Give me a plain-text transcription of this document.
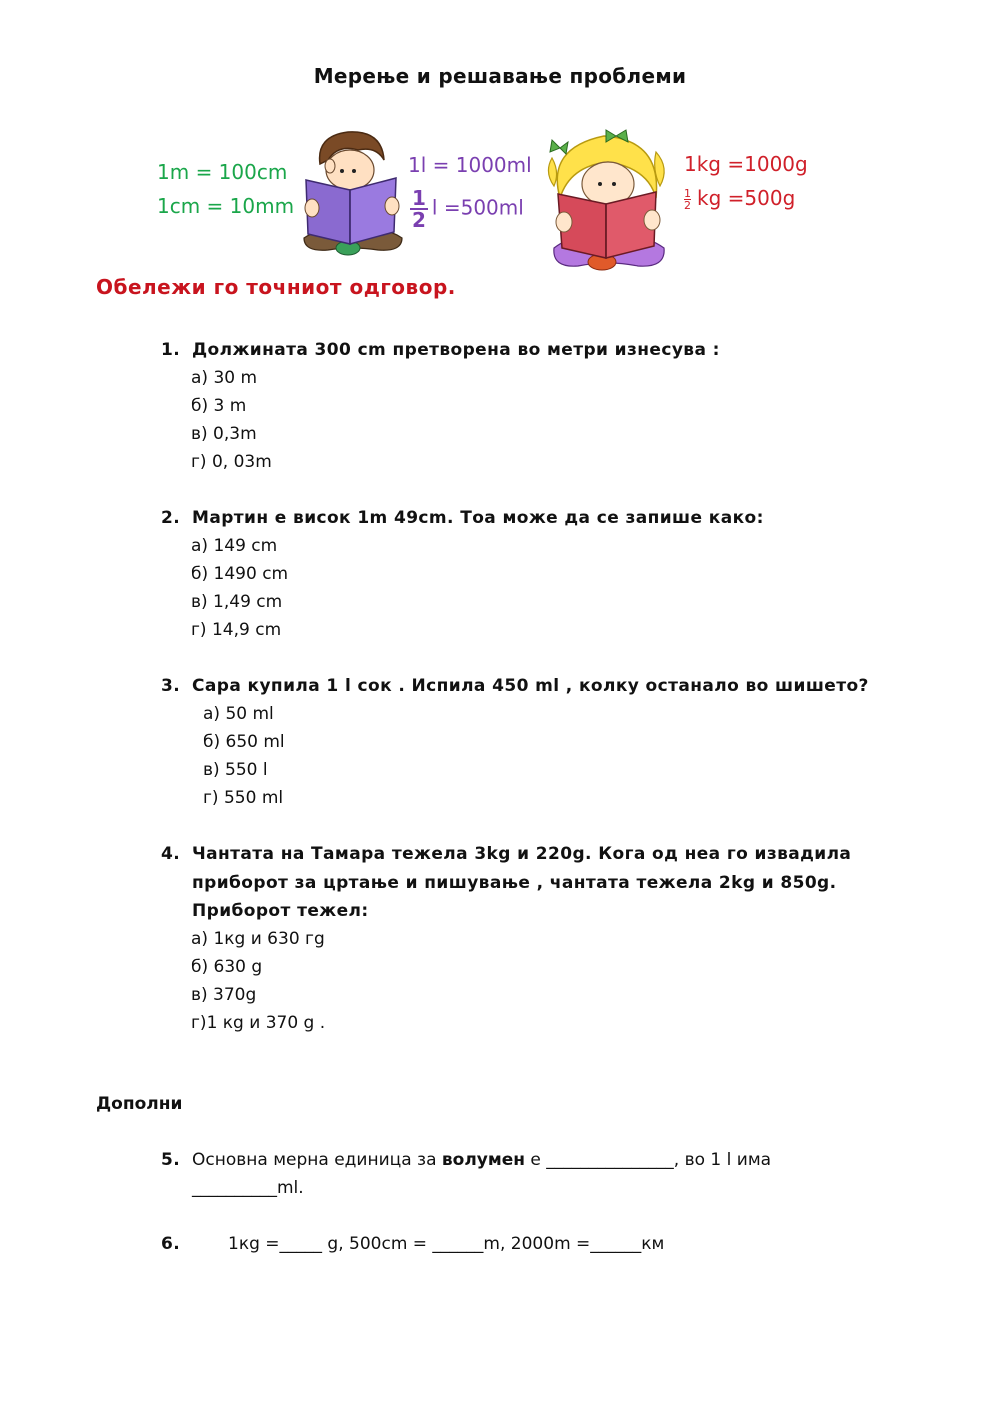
Мерење и решавање проблеми
1m = 100cm
1cm = 10mm
1l = 1000ml
$\frac{1}{2}$ l =500ml
1kg =1000g
$\frac{1}{2}$ kg =500g
Обележи го точниот одговор.
1. Должината 300 cm претворена во метри изнесува :
а) 30 m
б) 3 m
в) 0,3m
г) 0, 03m
2. Мартин е висок 1m 49cm. Тоа може да се запише како:
а) 149 cm
б) 1490 cm
в) 1,49 cm
г) 14,9 cm
3. Сара купила 1 l сок . Испила 450 ml , колку останало во шишето?
а) 50 ml
б) 650 ml
в) 550 l
г) 550 ml
4. Чантата на Тамара тежела 3kg и 220g. Кога од неа го извадила
приборот за цртање и пишување , чантата тежела 2kg и 850g.
Приборот тежел:
а) 1кg и 630 гg
б) 630 g
в) 370g
г)1 кg и 370 g .
Дополни
5. Основна мерна единица за волумен е _______________, во 1 l има
__________ml.
6.	1кg =_____ g, 500cm = ______m, 2000m =______км
